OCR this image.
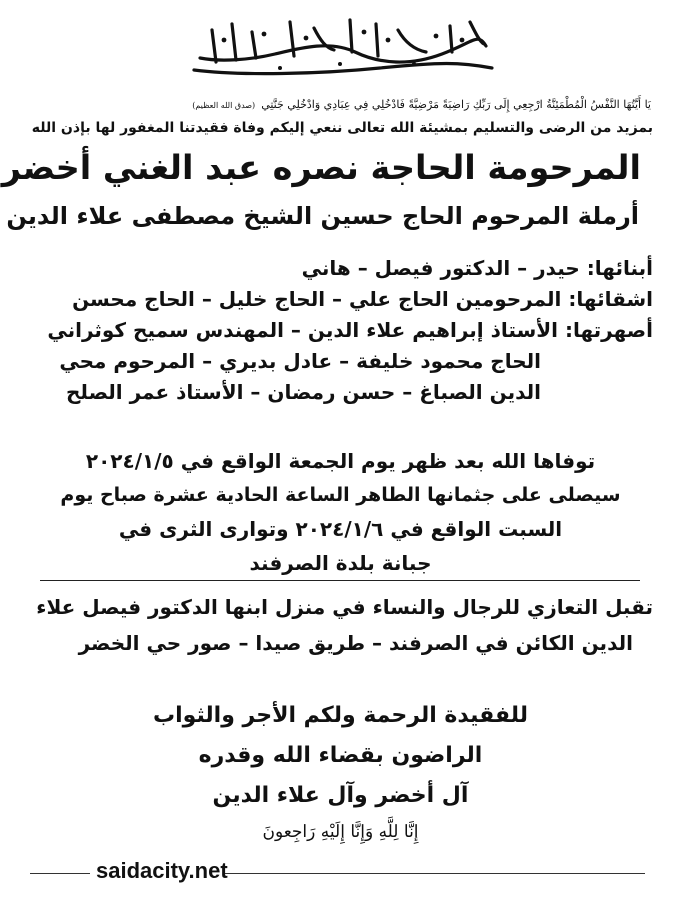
يَا أَيَّتُهَا النَّفْسُ الْمُطْمَئِنَّةُ ارْجِعِي إِلَى رَبِّكِ رَاضِيَةً مَرْضِيَّةً فَادْخُلِي فِي عِبَادِي وَادْخُلِي جَنَّتِي(صدق الله العظيم)
بمزيد من الرضى والتسليم بمشيئة الله تعالى ننعي إليكم وفاة فقيدتنا المغفور لها بإذن الله
المرحومة الحاجة نصره عبد الغني أخضر
أرملة المرحوم الحاج حسين الشيخ مصطفى علاء الدين
أبنائها: حيدر – الدكتور فيصل – هاني
اشقائها: المرحومين الحاج علي – الحاج خليل – الحاج محسن
أصهرتها: الأستاذ إبراهيم علاء الدين – المهندس سميح كوثراني
الحاج محمود خليفة – عادل بديري – المرحوم محي
الدين الصباغ – حسن رمضان – الأستاذ عمر الصلح
توفاها الله بعد ظهر يوم الجمعة الواقع في ٢٠٢٤/١/٥
سيصلى على جثمانها الطاهر الساعة الحادية عشرة صباح يوم
السبت الواقع في ٢٠٢٤/١/٦ وتوارى الثرى في
جبانة بلدة الصرفند
تقبل التعازي للرجال والنساء في منزل ابنها الدكتور فيصل علاء
الدين الكائن في الصرفند – طريق صيدا – صور حي الخضر
للفقيدة الرحمة ولكم الأجر والثواب
الراضون بقضاء الله وقدره
آل أخضر وآل علاء الدين
إِنَّا لِلَّهِ وَإِنَّا إِلَيْهِ رَاجِعونَ
saidacity.net
